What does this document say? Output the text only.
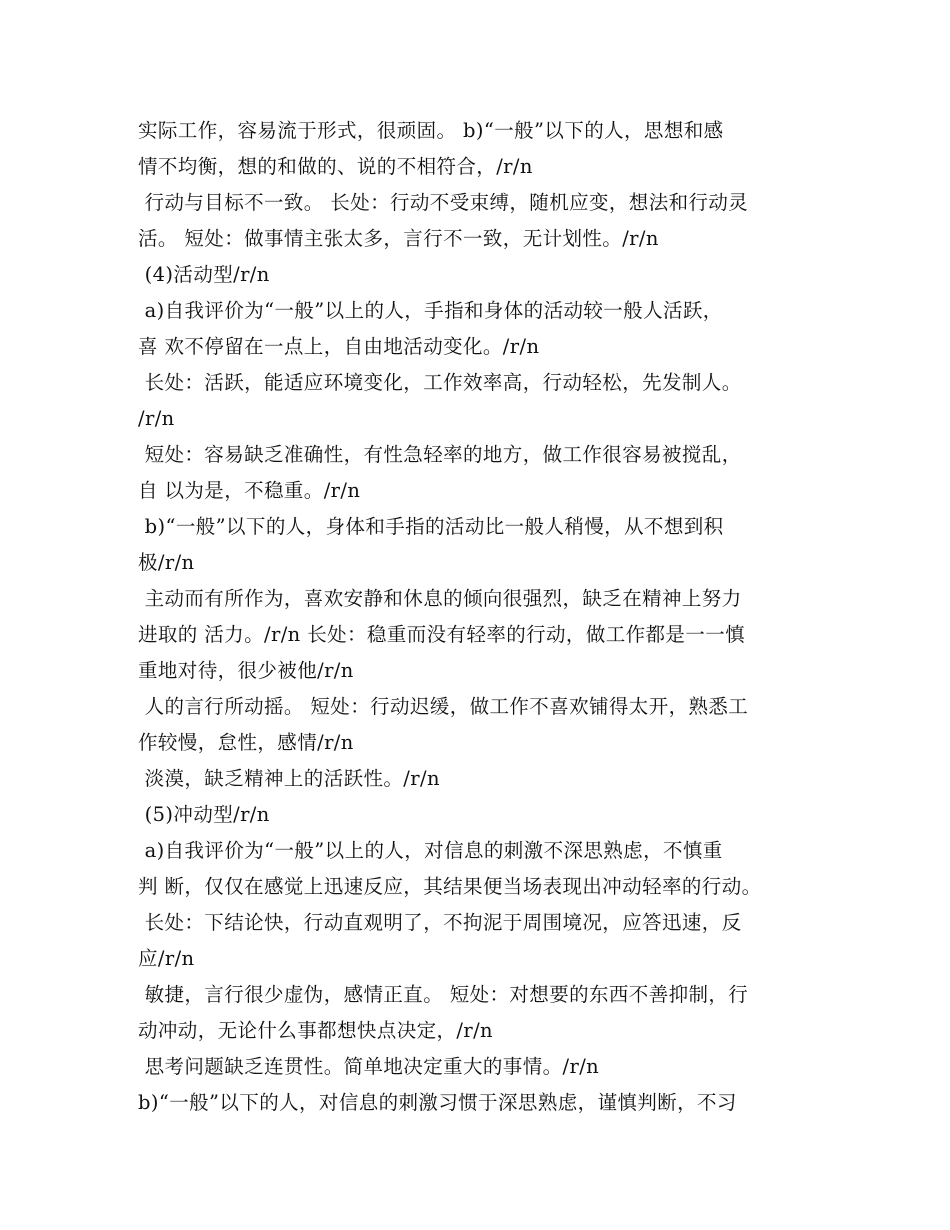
实际工作，容易流于形式，很顽固。 b)“一般”以下的人，思想和感
情不均衡，想的和做的、说的不相符合，/r/n
行动与目标不一致。 长处：行动不受束缚，随机应变，想法和行动灵
活。 短处：做事情主张太多，言行不一致，无计划性。/r/n
(4)活动型/r/n
a)自我评价为“一般”以上的人，手指和身体的活动较一般人活跃，
喜 欢不停留在一点上，自由地活动变化。/r/n
长处：活跃，能适应环境变化，工作效率高，行动轻松，先发制人。
/r/n
短处：容易缺乏准确性，有性急轻率的地方，做工作很容易被搅乱，
自 以为是，不稳重。/r/n
b)“一般”以下的人，身体和手指的活动比一般人稍慢，从不想到积
极/r/n
主动而有所作为，喜欢安静和休息的倾向很强烈，缺乏在精神上努力
进取的 活力。/r/n 长处：稳重而没有轻率的行动，做工作都是一一慎
重地对待，很少被他/r/n
人的言行所动摇。 短处：行动迟缓，做工作不喜欢铺得太开，熟悉工
作较慢，怠性，感情/r/n
淡漠，缺乏精神上的活跃性。/r/n
(5)冲动型/r/n
a)自我评价为“一般”以上的人，对信息的刺激不深思熟虑，不慎重
判 断，仅仅在感觉上迅速反应，其结果便当场表现出冲动轻率的行动。
长处：下结论快，行动直观明了，不拘泥于周围境况，应答迅速，反
应/r/n
敏捷，言行很少虚伪，感情正直。 短处：对想要的东西不善抑制，行
动冲动，无论什么事都想快点决定，/r/n
思考问题缺乏连贯性。简单地决定重大的事情。/r/n
b)“一般”以下的人，对信息的刺激习惯于深思熟虑，谨慎判断，不习
